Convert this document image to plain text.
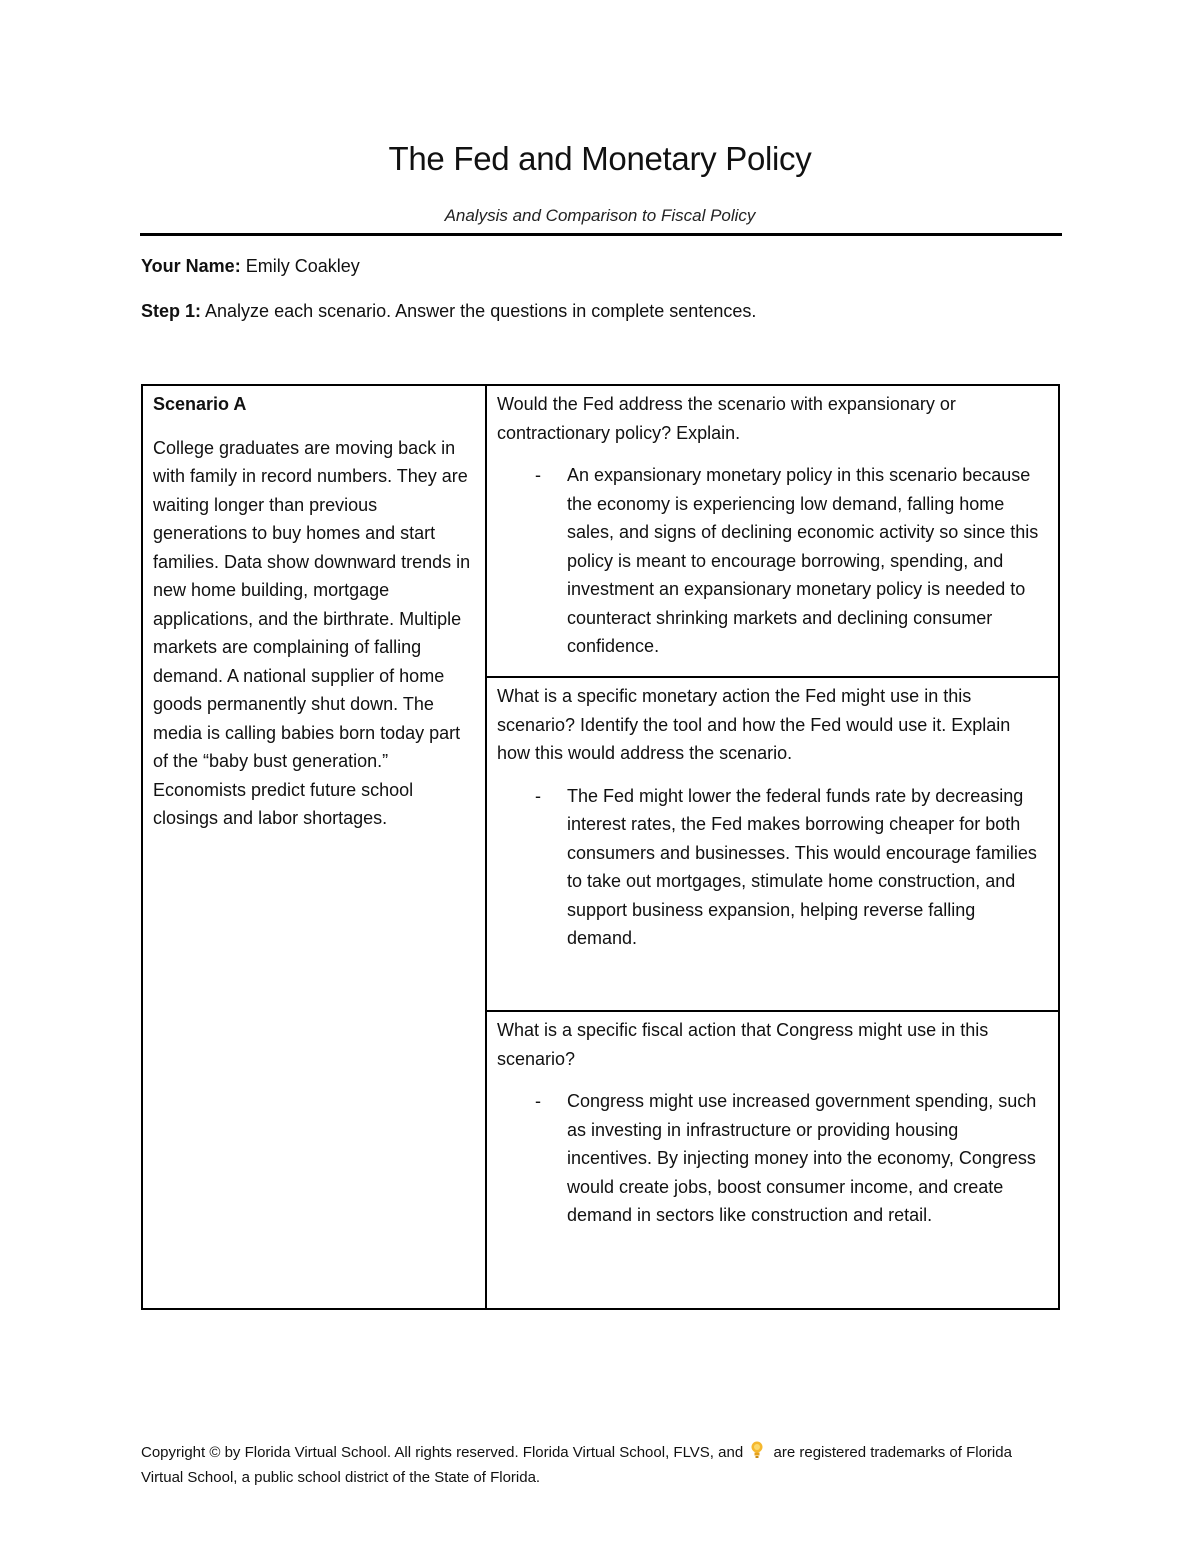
The Fed and Monetary Policy
Analysis and Comparison to Fiscal Policy
Your Name: Emily Coakley
Step 1: Analyze each scenario. Answer the questions in complete sentences.

Scenario A

College graduates are moving back in with family in record numbers. They are waiting longer than previous generations to buy homes and start families. Data show downward trends in new home building, mortgage applications, and the birthrate. Multiple markets are complaining of falling demand. A national supplier of home goods permanently shut down. The media is calling babies born today part of the “baby bust generation.” Economists predict future school closings and labor shortages.

Would the Fed address the scenario with expansionary or contractionary policy? Explain.

-	An expansionary monetary policy in this scenario because the economy is experiencing low demand, falling home sales, and signs of declining economic activity so since this policy is meant to encourage borrowing, spending, and investment an expansionary monetary policy is needed to counteract shrinking markets and declining consumer confidence.

What is a specific monetary action the Fed might use in this scenario? Identify the tool and how the Fed would use it. Explain how this would address the scenario.

-	The Fed might lower the federal funds rate by decreasing interest rates, the Fed makes borrowing cheaper for both consumers and businesses. This would encourage families to take out mortgages, stimulate home construction, and support business expansion, helping reverse falling demand.

What is a specific fiscal action that Congress might use in this scenario?

-	Congress might use increased government spending, such as investing in infrastructure or providing housing incentives. By injecting money into the economy, Congress would create jobs, boost consumer income, and create demand in sectors like construction and retail.
Copyright © by Florida Virtual School. All rights reserved. Florida Virtual School, FLVS, and are registered trademarks of Florida Virtual School, a public school district of the State of Florida.
